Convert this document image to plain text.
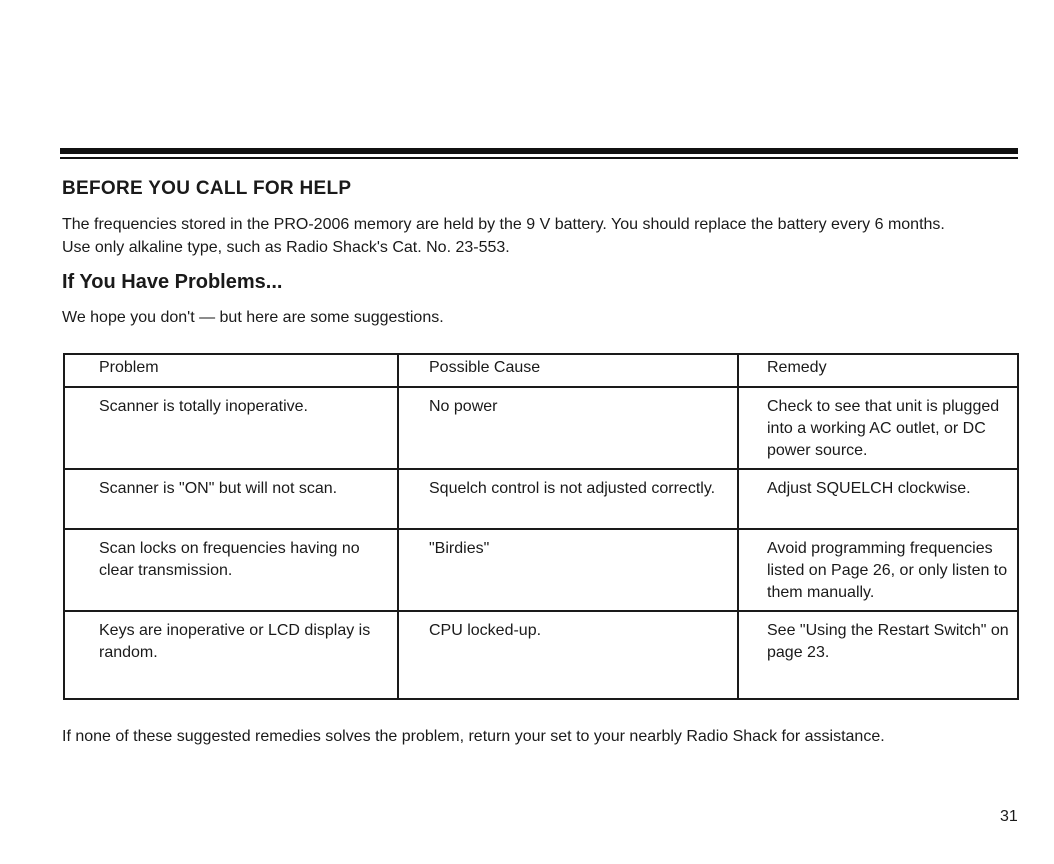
BEFORE YOU CALL FOR HELP

The frequencies stored in the PRO-2006 memory are held by the 9 V battery. You should replace the battery every 6 months.
Use only alkaline type, such as Radio Shack's Cat. No. 23-553.

If You Have Problems...

We hope you don't — but here are some suggestions.

Problem	Possible Cause	Remedy
Scanner is totally inoperative.	No power	Check to see that unit is plugged into a working AC outlet, or DC power source.
Scanner is "ON" but will not scan.	Squelch control is not adjusted correctly.	Adjust SQUELCH clockwise.
Scan locks on frequencies having no clear transmission.	"Birdies"	Avoid programming frequencies listed on Page 26, or only listen to them manually.
Keys are inoperative or LCD display is random.	CPU locked-up.	See "Using the Restart Switch" on page 23.

If none of these suggested remedies solves the problem, return your set to your nearbly Radio Shack for assistance.

31
